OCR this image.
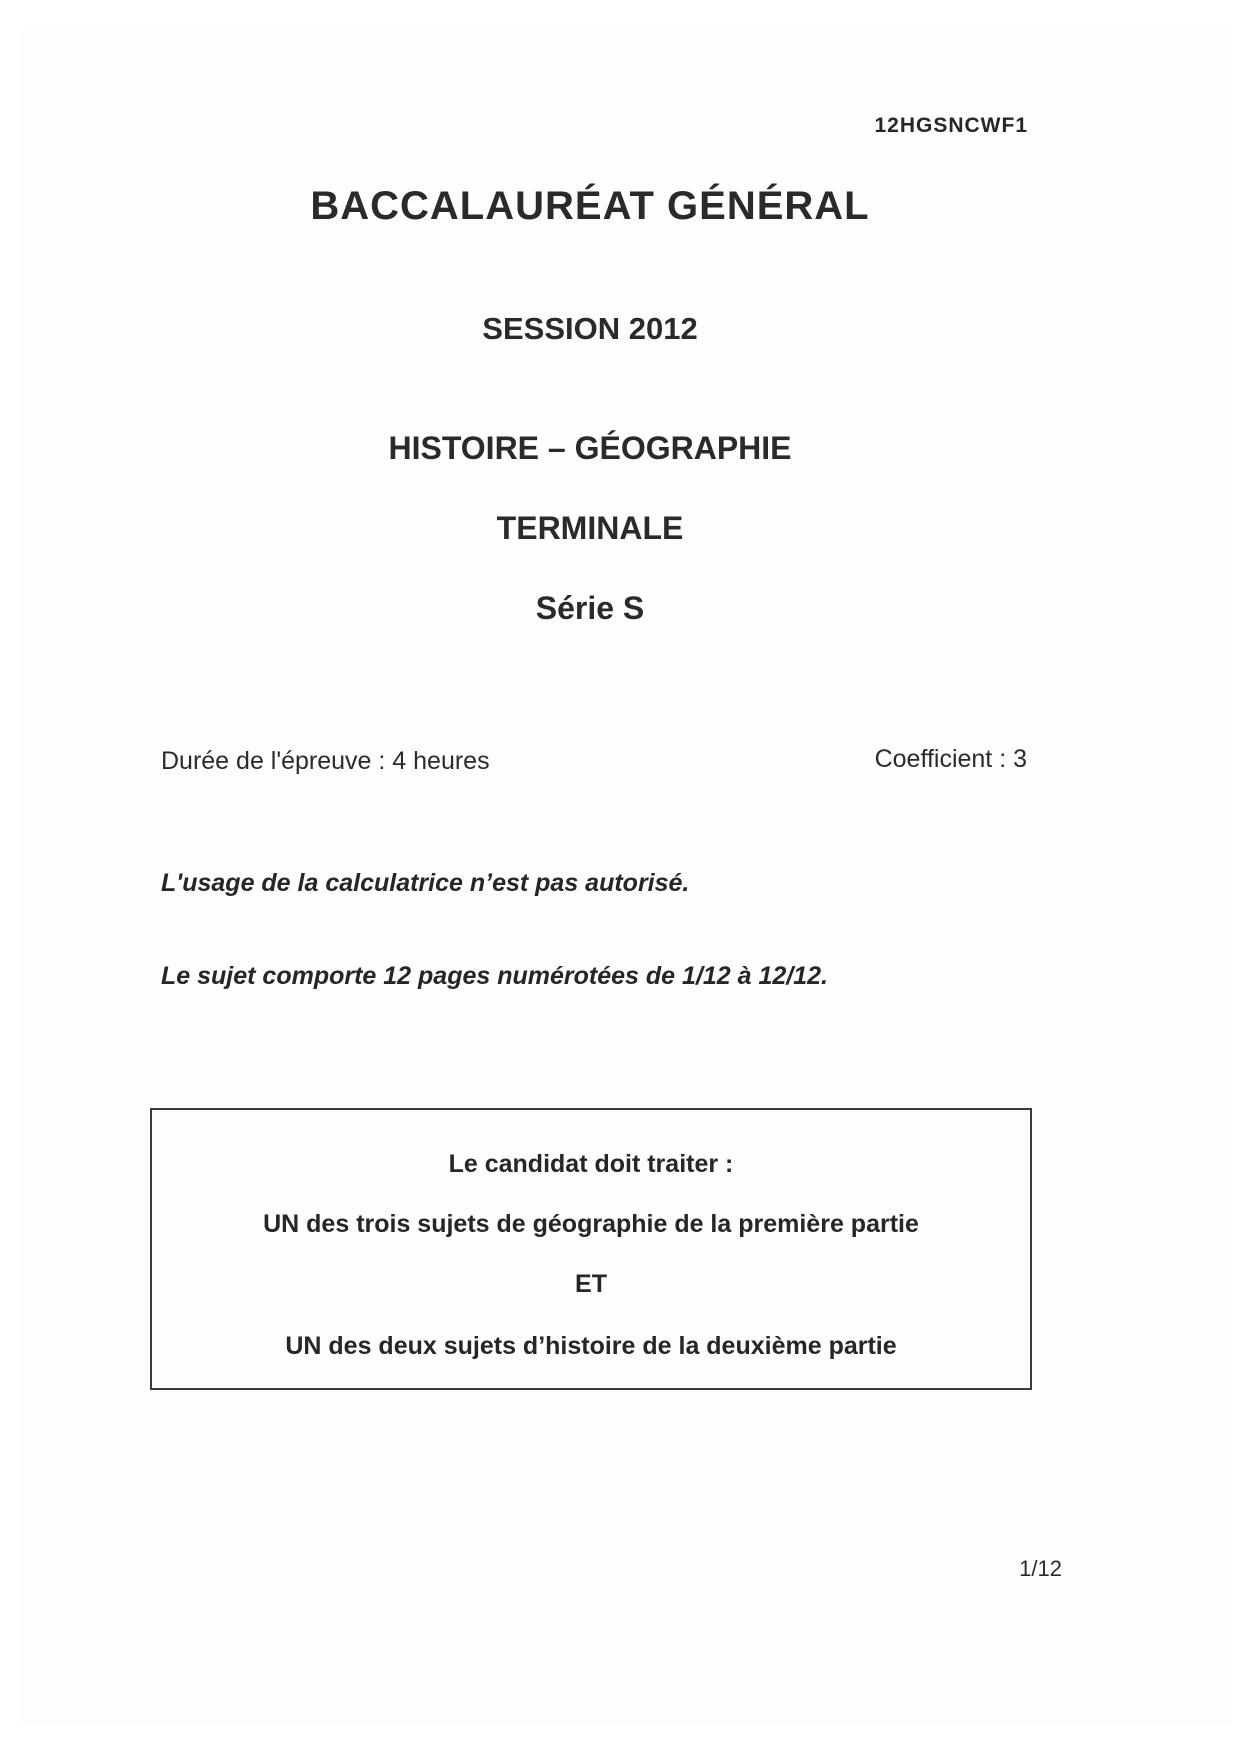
12HGSNCWF1
BACCALAURÉAT GÉNÉRAL
SESSION 2012
HISTOIRE – GÉOGRAPHIE
TERMINALE
Série S
Durée de l'épreuve : 4 heures	Coefficient : 3
L'usage de la calculatrice n’est pas autorisé.
Le sujet comporte 12 pages numérotées de 1/12 à 12/12.
Le candidat doit traiter :
UN des trois sujets de géographie de la première partie
ET
UN des deux sujets d’histoire de la deuxième partie
1/12
